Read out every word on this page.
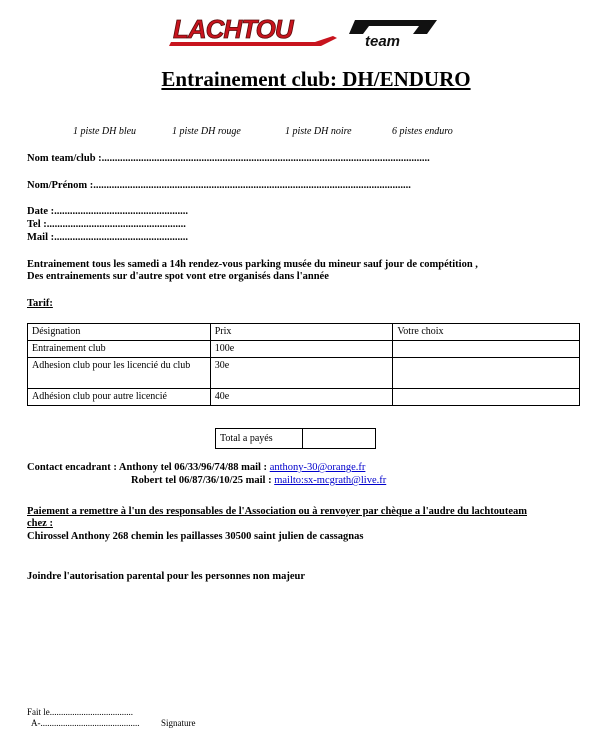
LACHTOU	team
Entrainement club: DH/ENDURO
1 piste DH bleu	1 piste DH rouge	1 piste DH noire	6 pistes enduro
Nom team/club :.............................................................................................................................
Nom/Prénom :.........................................................................................................................
Date :...................................................
Tel :.....................................................
Mail :...................................................
Entrainement tous les samedi a 14h rendez-vous parking musée du mineur sauf jour de compétition ,
Des entrainements sur d'autre spot vont etre organisés dans l'année
Tarif:
Désignation	Prix	Votre choix
Entrainement club	100e	
Adhesion club pour les licencié du club	30e	
Adhésion club pour autre licencié	40e	
Total a payés	
Contact encadrant : Anthony tel 06/33/96/74/88 mail : anthony-30@orange.fr
Robert tel 06/87/36/10/25 mail : mailto:sx-mcgrath@live.fr
Paiement a remettre à l'un des responsables de l'Association ou à renvoyer par chèque a l'audre du lachtouteam
chez :
Chirossel Anthony 268 chemin les paillasses 30500 saint julien de cassagnas
Joindre l'autorisation parental pour les personnes non majeur
Fait le.....................................
A-............................................ Signature
